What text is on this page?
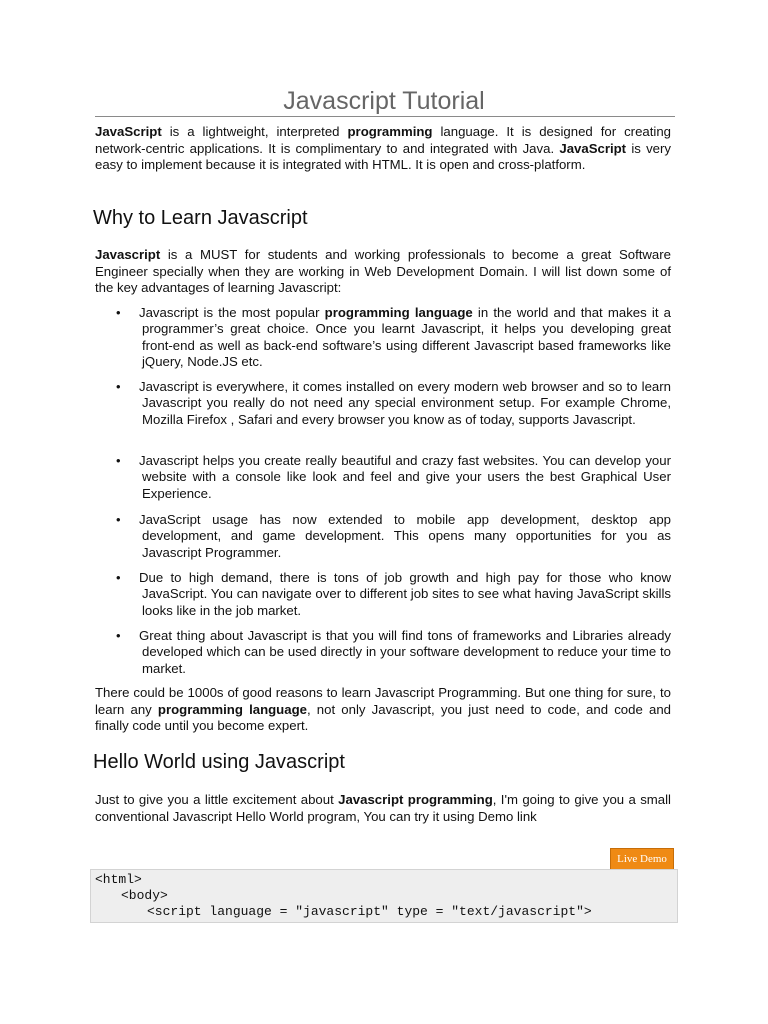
Javascript Tutorial

JavaScript is a lightweight, interpreted programming language. It is designed for creating network-centric applications. It is complimentary to and integrated with Java. JavaScript is very easy to implement because it is integrated with HTML. It is open and cross-platform.

Why to Learn Javascript

Javascript is a MUST for students and working professionals to become a great Software Engineer specially when they are working in Web Development Domain. I will list down some of the key advantages of learning Javascript:

•	Javascript is the most popular programming language in the world and that makes it a programmer’s great choice. Once you learnt Javascript, it helps you developing great front-end as well as back-end software’s using different Javascript based frameworks like jQuery, Node.JS etc.
•	Javascript is everywhere, it comes installed on every modern web browser and so to learn Javascript you really do not need any special environment setup. For example Chrome, Mozilla Firefox , Safari and every browser you know as of today, supports Javascript.
•	Javascript helps you create really beautiful and crazy fast websites. You can develop your website with a console like look and feel and give your users the best Graphical User Experience.
•	JavaScript usage has now extended to mobile app development, desktop app development, and game development. This opens many opportunities for you as Javascript Programmer.
•	Due to high demand, there is tons of job growth and high pay for those who know JavaScript. You can navigate over to different job sites to see what having JavaScript skills looks like in the job market.
•	Great thing about Javascript is that you will find tons of frameworks and Libraries already developed which can be used directly in your software development to reduce your time to market.

There could be 1000s of good reasons to learn Javascript Programming. But one thing for sure, to learn any programming language, not only Javascript, you just need to code, and code and finally code until you become expert.

Hello World using Javascript

Just to give you a little excitement about Javascript programming, I'm going to give you a small conventional Javascript Hello World program, You can try it using Demo link

Live Demo
<html>
<body>
<script language = "javascript" type = "text/javascript">
